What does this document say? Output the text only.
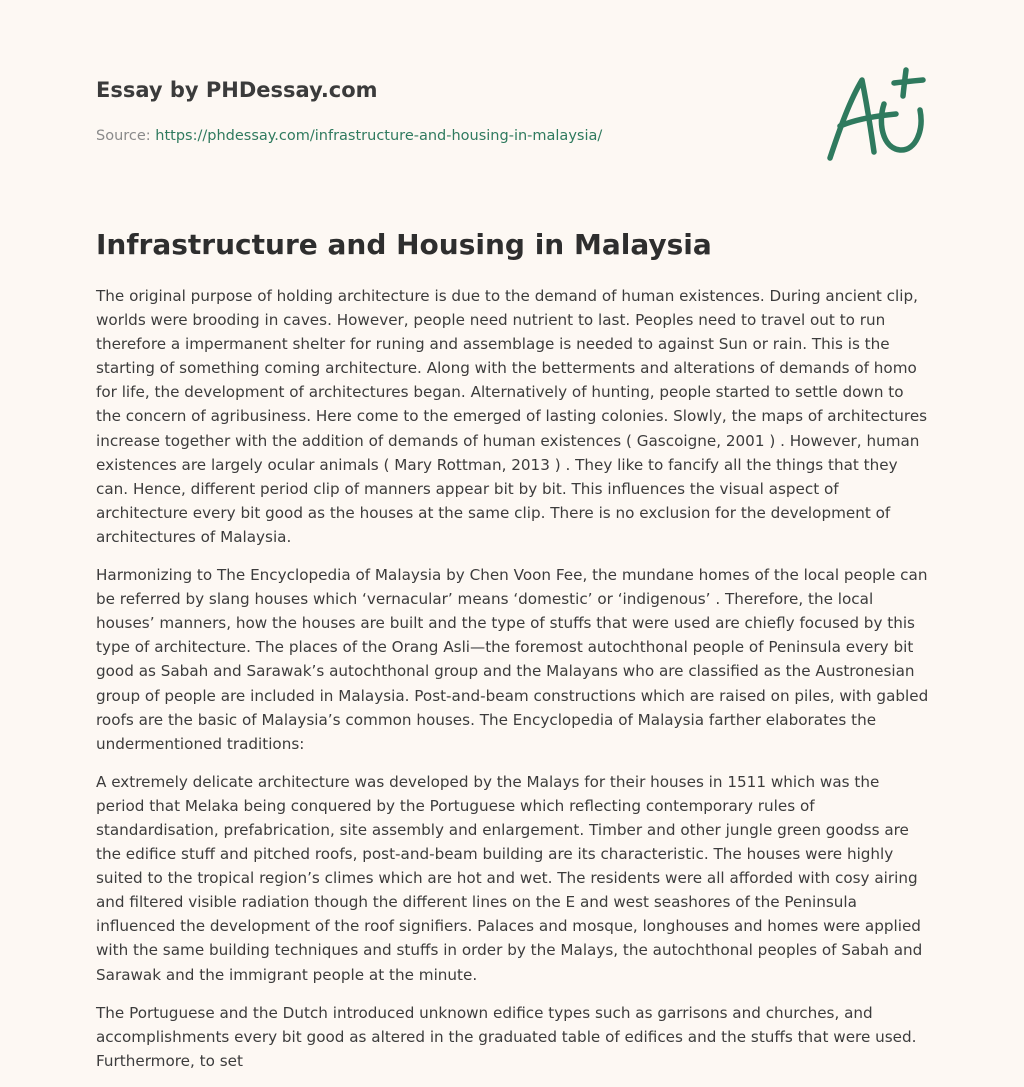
Essay by PHDessay.com
Source: https://phdessay.com/infrastructure-and-housing-in-malaysia/
Infrastructure and Housing in Malaysia

The original purpose of holding architecture is due to the demand of human existences. During ancient clip, worlds were brooding in caves. However, people need nutrient to last. Peoples need to travel out to run therefore a impermanent shelter for runing and assemblage is needed to against Sun or rain. This is the starting of something coming architecture. Along with the betterments and alterations of demands of homo for life, the development of architectures began. Alternatively of hunting, people started to settle down to the concern of agribusiness. Here come to the emerged of lasting colonies. Slowly, the maps of architectures increase together with the addition of demands of human existences ( Gascoigne, 2001 ) . However, human existences are largely ocular animals ( Mary Rottman, 2013 ) . They like to fancify all the things that they can. Hence, different period clip of manners appear bit by bit. This influences the visual aspect of architecture every bit good as the houses at the same clip. There is no exclusion for the development of architectures of Malaysia.

Harmonizing to The Encyclopedia of Malaysia by Chen Voon Fee, the mundane homes of the local people can be referred by slang houses which ‘vernacular’ means ‘domestic’ or ‘indigenous’ . Therefore, the local houses’ manners, how the houses are built and the type of stuffs that were used are chiefly focused by this type of architecture. The places of the Orang Asli—the foremost autochthonal people of Peninsula every bit good as Sabah and Sarawak’s autochthonal group and the Malayans who are classified as the Austronesian group of people are included in Malaysia. Post-and-beam constructions which are raised on piles, with gabled roofs are the basic of Malaysia’s common houses. The Encyclopedia of Malaysia farther elaborates the undermentioned traditions:

A extremely delicate architecture was developed by the Malays for their houses in 1511 which was the period that Melaka being conquered by the Portuguese which reflecting contemporary rules of standardisation, prefabrication, site assembly and enlargement. Timber and other jungle green goodss are the edifice stuff and pitched roofs, post-and-beam building are its characteristic. The houses were highly suited to the tropical region’s climes which are hot and wet. The residents were all afforded with cosy airing and filtered visible radiation though the different lines on the E and west seashores of the Peninsula influenced the development of the roof signifiers. Palaces and mosque, longhouses and homes were applied with the same building techniques and stuffs in order by the Malays, the autochthonal peoples of Sabah and Sarawak and the immigrant people at the minute.

The Portuguese and the Dutch introduced unknown edifice types such as garrisons and churches, and accomplishments every bit good as altered in the graduated table of edifices and the stuffs that were used. Furthermore, to set
